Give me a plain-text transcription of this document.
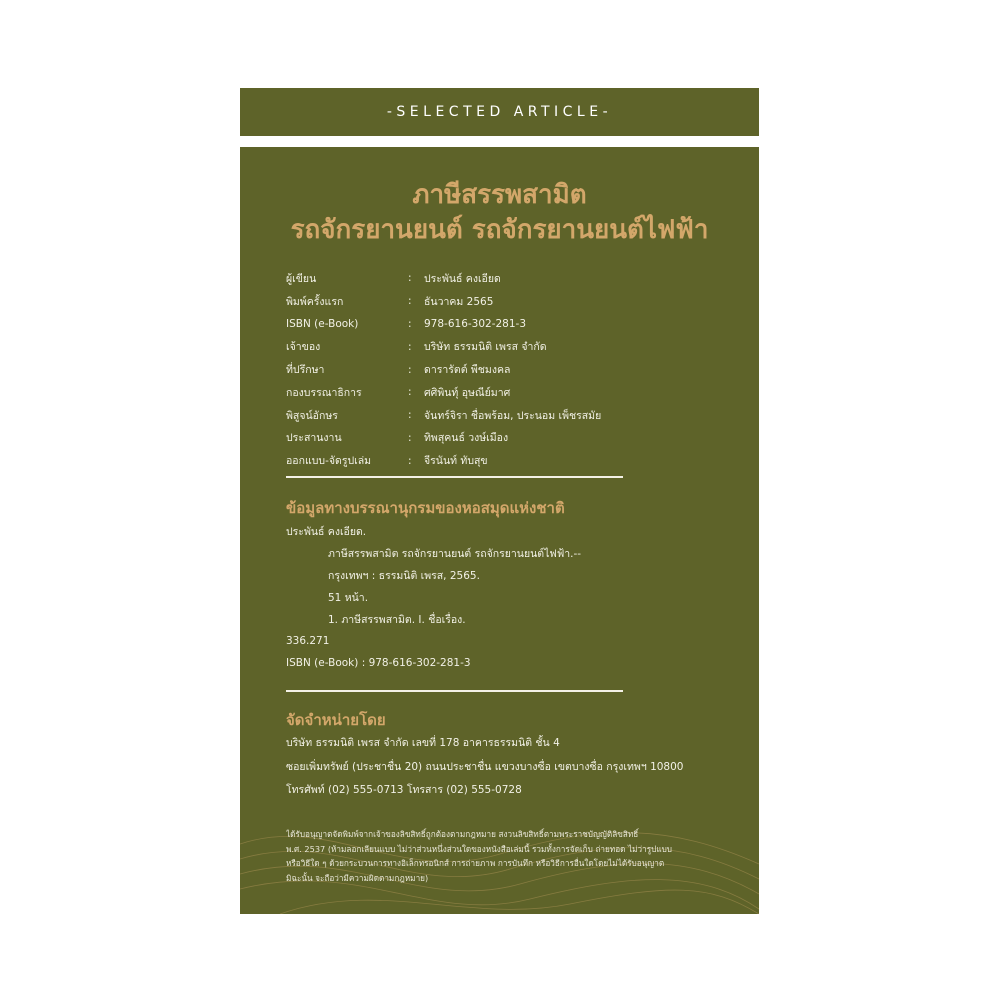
-SELECTED ARTICLE-
ภาษีสรรพสามิต
รถจักรยานยนต์ รถจักรยานยนต์ไฟฟ้า
ผู้เขียน	:	ประพันธ์ คงเอียด
พิมพ์ครั้งแรก	:	ธันวาคม 2565
ISBN (e-Book)	:	978-616-302-281-3
เจ้าของ	:	บริษัท ธรรมนิติ เพรส จำกัด
ที่ปรึกษา	:	ดารารัตต์ พืชมงคล
กองบรรณาธิการ	:	ศศิพินทุ์ อุษณีย์มาศ
พิสูจน์อักษร	:	จันทร์จิรา ชื่อพร้อม, ประนอม เพ็ชรสมัย
ประสานงาน	:	ทิพสุคนธ์ วงษ์เมือง
ออกแบบ-จัดรูปเล่ม	:	จีรนันท์ ทับสุข
ข้อมูลทางบรรณานุกรมของหอสมุดแห่งชาติ
ประพันธ์ คงเอียด.
ภาษีสรรพสามิต รถจักรยานยนต์ รถจักรยานยนต์ไฟฟ้า.--
กรุงเทพฯ : ธรรมนิติ เพรส, 2565.
51 หน้า.
1. ภาษีสรรพสามิต. I. ชื่อเรื่อง.
336.271
ISBN (e-Book) : 978-616-302-281-3
จัดจำหน่ายโดย
บริษัท ธรรมนิติ เพรส จำกัด เลขที่ 178 อาคารธรรมนิติ ชั้น 4
ซอยเพิ่มทรัพย์ (ประชาชื่น 20) ถนนประชาชื่น แขวงบางซื่อ เขตบางซื่อ กรุงเทพฯ 10800
โทรศัพท์ (02) 555-0713 โทรสาร (02) 555-0728
ได้รับอนุญาตจัดพิมพ์จากเจ้าของลิขสิทธิ์ถูกต้องตามกฎหมาย สงวนลิขสิทธิ์ตามพระราชบัญญัติลิขสิทธิ์
พ.ศ. 2537 (ห้ามลอกเลียนแบบ ไม่ว่าส่วนหนึ่งส่วนใดของหนังสือเล่มนี้ รวมทั้งการจัดเก็บ ถ่ายทอด ไม่ว่ารูปแบบ
หรือวิธีใด ๆ ด้วยกระบวนการทางอิเล็กทรอนิกส์ การถ่ายภาพ การบันทึก หรือวิธีการอื่นใดโดยไม่ได้รับอนุญาต
มิฉะนั้น จะถือว่ามีความผิดตามกฎหมาย)
